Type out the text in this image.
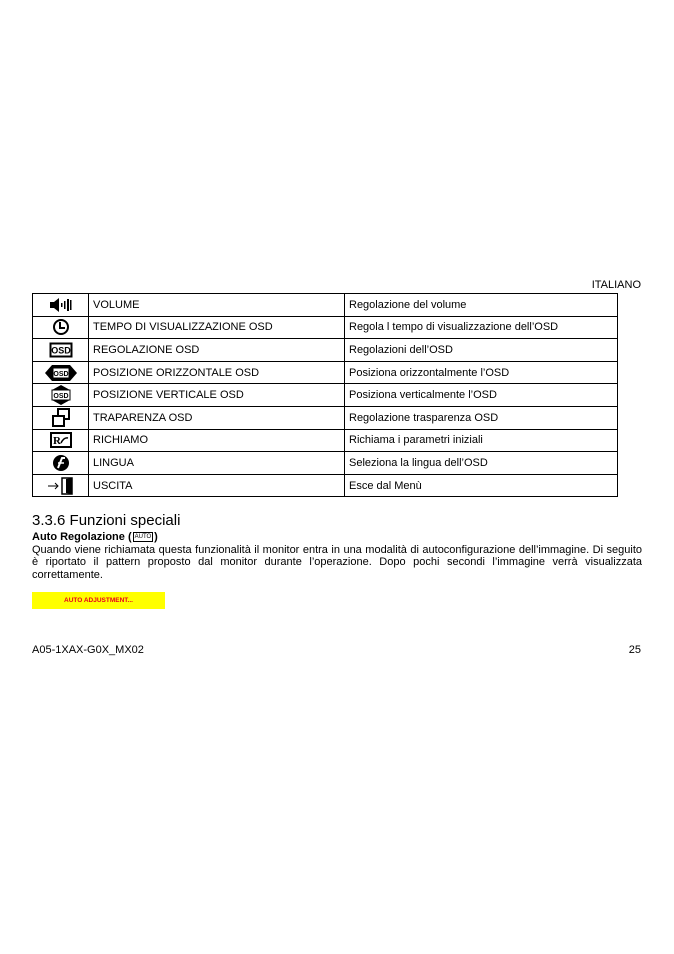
ITALIANO
	VOLUME	Regolazione del volume

	TEMPO DI VISUALIZZAZIONE OSD	Regola l tempo di visualizzazione dell’OSD

OSD	REGOLAZIONE OSD	Regolazioni dell’OSD

OSD	POSIZIONE ORIZZONTALE OSD	Posiziona orizzontalmente l’OSD

OSD	POSIZIONE VERTICALE OSD	Posiziona verticalmente l’OSD

	TRAPARENZA OSD	Regolazione trasparenza OSD

R	RICHIAMO	Richiama i parametri iniziali

	LINGUA	Seleziona la lingua dell’OSD

	USCITA	Esce dal Menù
3.3.6 Funzioni speciali
Auto Regolazione ( AUTO )
Quando viene richiamata questa funzionalità il monitor entra in una modalità di autoconfigurazione dell’immagine. Di seguito è riportato il pattern proposto dal monitor durante l’operazione. Dopo pochi secondi l’immagine verrà visualizzata correttamente.
AUTO ADJUSTMENT...
A05-1XAX-G0X_MX02	25
